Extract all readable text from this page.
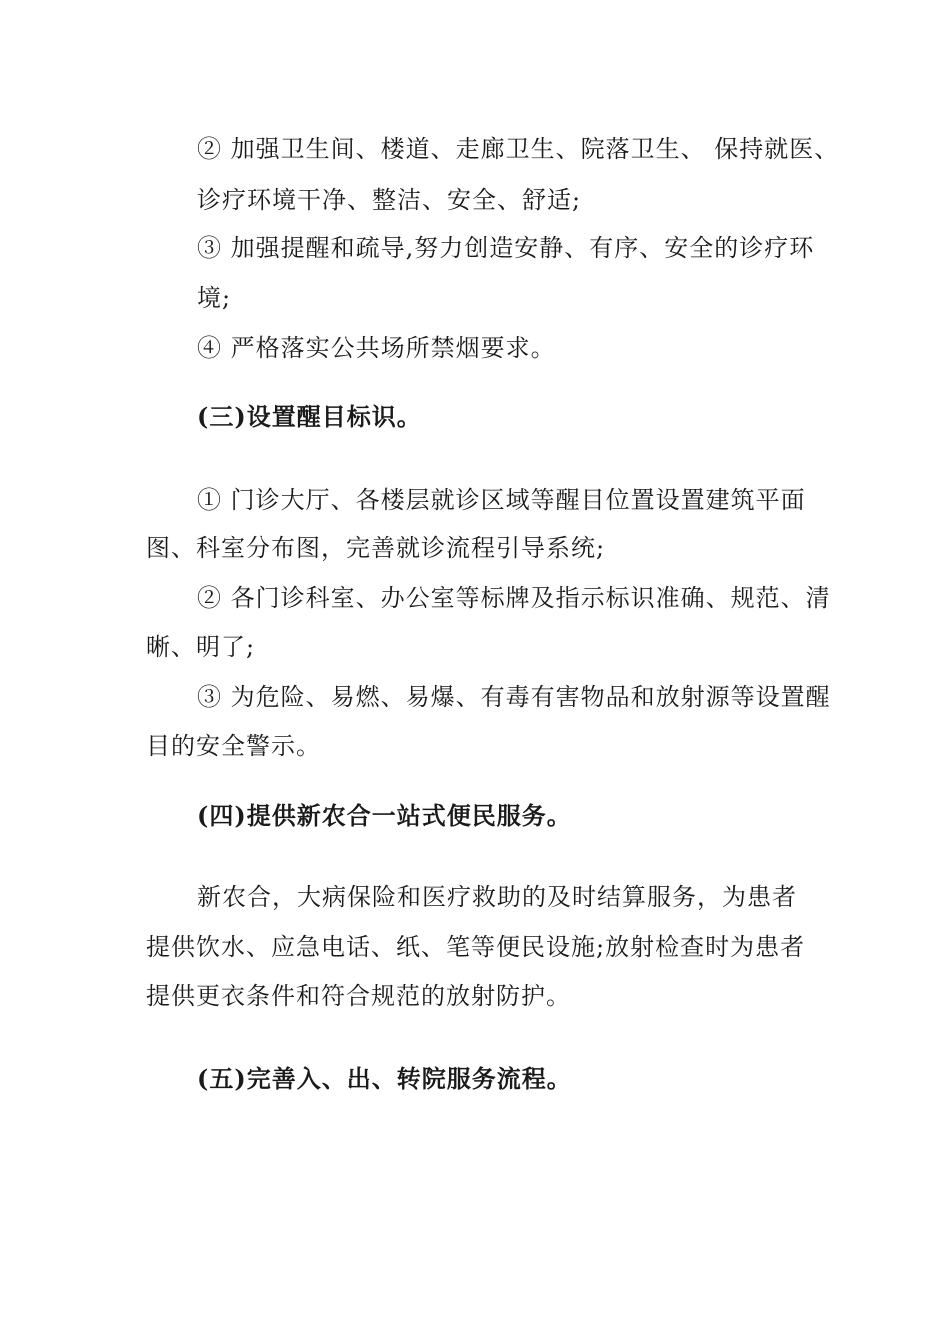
② 加强卫生间、楼道、走廊卫生、院落卫生、 保持就医、
诊疗环境干净、整洁、安全、舒适;
③ 加强提醒和疏导,努力创造安静、有序、安全的诊疗环
境;
④ 严格落实公共场所禁烟要求。
(三)设置醒目标识。
① 门诊大厅、各楼层就诊区域等醒目位置设置建筑平面
图、科室分布图，完善就诊流程引导系统;
② 各门诊科室、办公室等标牌及指示标识准确、规范、清
晰、明了;
③ 为危险、易燃、易爆、有毒有害物品和放射源等设置醒
目的安全警示。
(四)提供新农合一站式便民服务。
新农合，大病保险和医疗救助的及时结算服务，为患者
提供饮水、应急电话、纸、笔等便民设施;放射检查时为患者
提供更衣条件和符合规范的放射防护。
(五)完善入、出、转院服务流程。
